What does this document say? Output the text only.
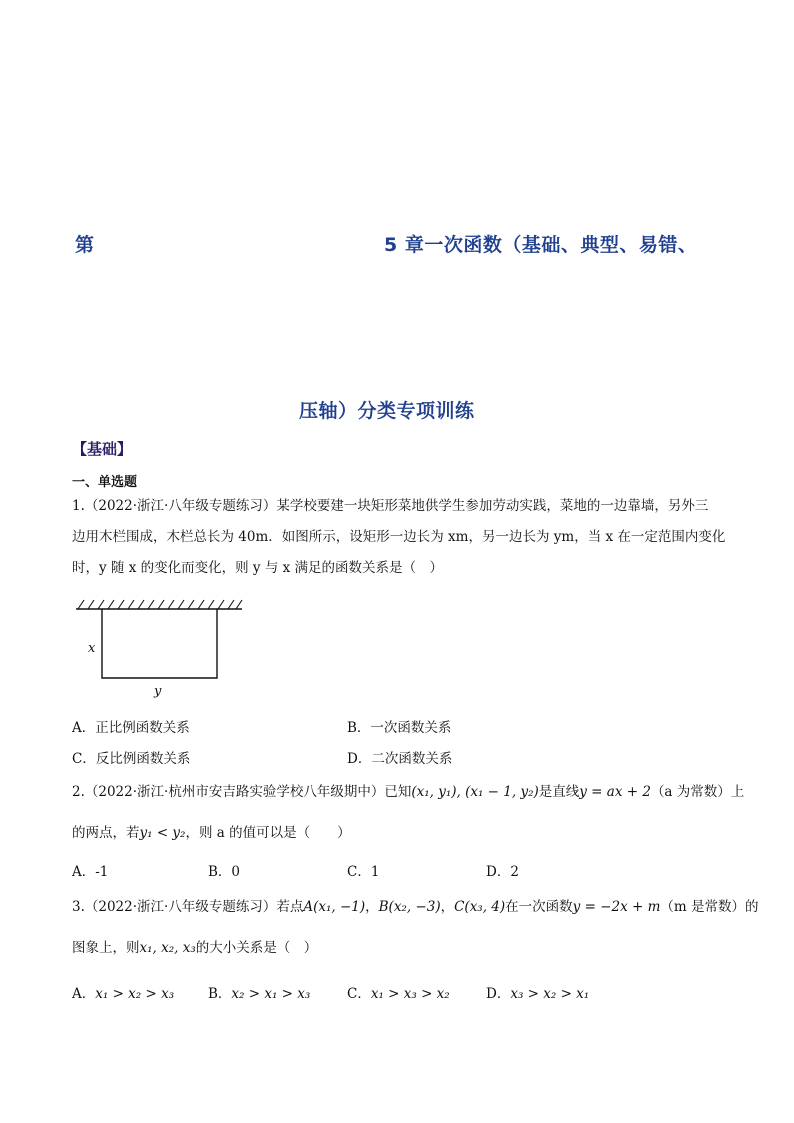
第	5 章一次函数（基础、典型、易错、
压轴）分类专项训练
【基础】
一、单选题
1.（2022·浙江·八年级专题练习）某学校要建一块矩形菜地供学生参加劳动实践，菜地的一边靠墙，另外三
边用木栏围成，木栏总长为 40m．如图所示，设矩形一边长为 xm，另一边长为 ym，当 x 在一定范围内变化
时，y 随 x 的变化而变化，则 y 与 x 满足的函数关系是（　）
x
y
A．正比例函数关系	B．一次函数关系
C．反比例函数关系	D．二次函数关系
2.（2022·浙江·杭州市安吉路实验学校八年级期中）已知(x₁, y₁), (x₁ − 1, y₂)是直线y = ax + 2（a 为常数）上
的两点，若y₁ < y₂，则 a 的值可以是（　　）
A．-1	B．0	C．1	D．2
3.（2022·浙江·八年级专题练习）若点A(x₁, −1)，B(x₂, −3)，C(x₃, 4)在一次函数y = −2x + m（m 是常数）的
图象上，则x₁, x₂, x₃的大小关系是（　）
A．x₁ > x₂ > x₃	B．x₂ > x₁ > x₃	C．x₁ > x₃ > x₂	D．x₃ > x₂ > x₁
